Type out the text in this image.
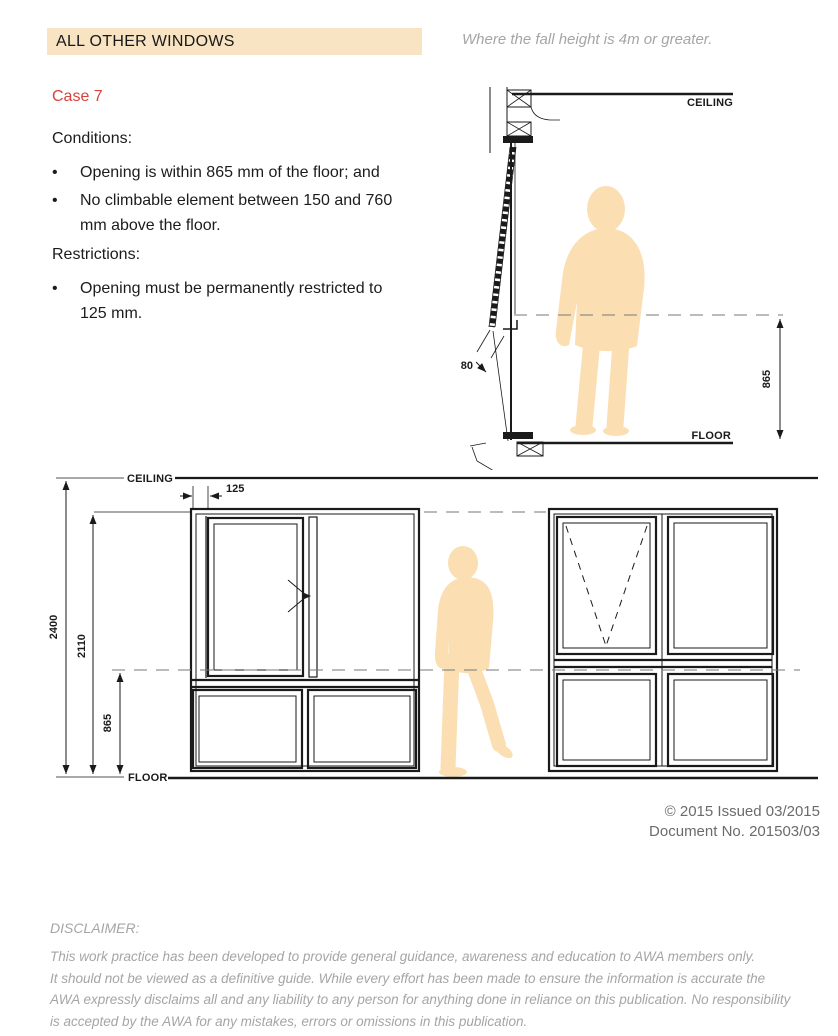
ALL OTHER WINDOWS	Where the fall height is 4m or greater.
Case 7
Conditions:
•
Opening is within 865 mm of the floor; and
•
No climbable element between 150 and 760 mm above the floor.
Restrictions:
•
Opening must be permanently restricted to 125 mm.
CEILING
FLOOR
865
80
CEILING
FLOOR
2400
2110
865
125
© 2015 Issued 03/2015
Document No. 201503/03
DISCLAIMER:
This work practice has been developed to provide general guidance, awareness and education to AWA members only.
It should not be viewed as a definitive guide. While every effort has been made to ensure the information is accurate the
AWA expressly disclaims all and any liability to any person for anything done in reliance on this publication. No responsibility
is accepted by the AWA for any mistakes, errors or omissions in this publication.
